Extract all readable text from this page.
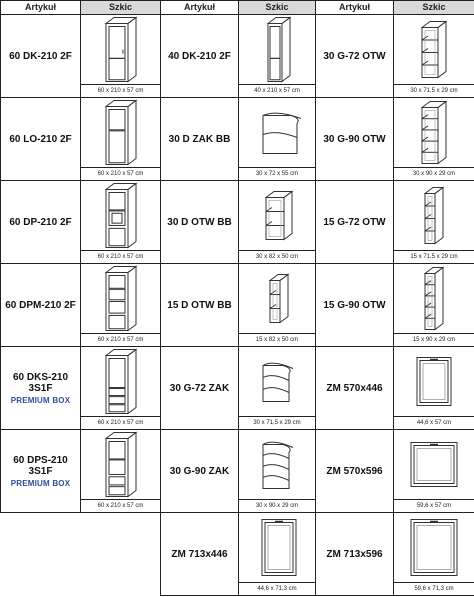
Artykuł	Szkic	Artykuł	Szkic	Artykuł	Szkic
60 DK-210 2F		40 DK-210 2F		30 G-72 OTW	

	60 x 210 x 57 cm		40 x 210 x 57 cm		30 x 71,5 x 29 cm
60 LO-210 2F		30 D ZAK BB		30 G-90 OTW	

	60 x 210 x 57 cm		30 x 72 x 55 cm		30 x 90 x 29 cm
60 DP-210 2F		30 D OTW BB		15 G-72 OTW	

	60 x 210 x 57 cm		30 x 82 x 50 cm		15 x 71,5 x 29 cm
60 DPM-210 2F		15 D OTW BB		15 G-90 OTW	

	60 x 210 x 57 cm		15 x 82 x 50 cm		15 x 90 x 29 cm
60 DKS-210 3S1F
PREMIUM BOX		30 G-72 ZAK		ZM 570x446	

	60 x 210 x 57 cm		30 x 71,5 x 29 cm		44,6 x 57 cm
60 DPS-210 3S1F
PREMIUM BOX		30 G-90 ZAK		ZM 570x596	

	60 x 210 x 57 cm		30 x 90 x 29 cm		59,6 x 57 cm
		ZM 713x446		ZM 713x596	

			44,6 x 71,3 cm		59,6 x 71,3 cm
